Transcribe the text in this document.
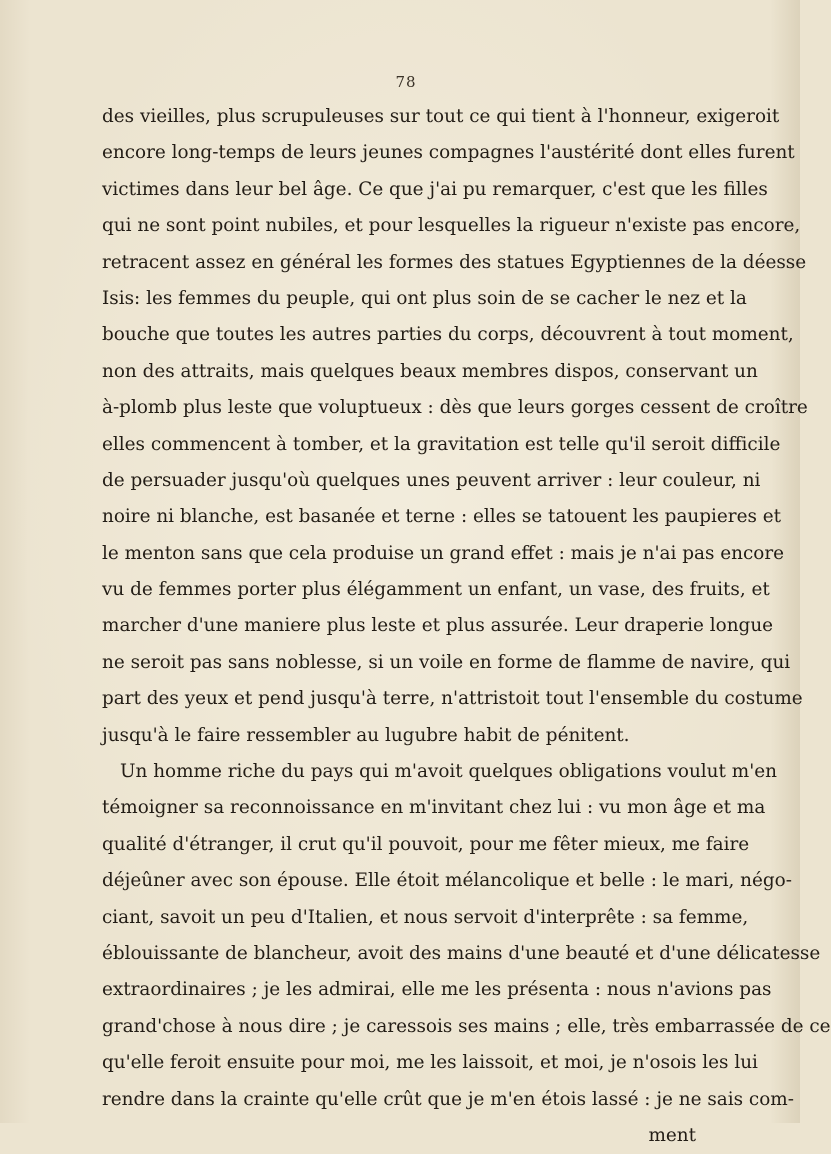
78
des vieilles, plus scrupuleuses sur tout ce qui tient à l'honneur, exigeroit
encore long-temps de leurs jeunes compagnes l'austérité dont elles furent
victimes dans leur bel âge. Ce que j'ai pu remarquer, c'est que les filles
qui ne sont point nubiles, et pour lesquelles la rigueur n'existe pas encore,
retracent assez en général les formes des statues Egyptiennes de la déesse
Isis: les femmes du peuple, qui ont plus soin de se cacher le nez et la
bouche que toutes les autres parties du corps, découvrent à tout moment,
non des attraits, mais quelques beaux membres dispos, conservant un
à-plomb plus leste que voluptueux : dès que leurs gorges cessent de croître
elles commencent à tomber, et la gravitation est telle qu'il seroit difficile
de persuader jusqu'où quelques unes peuvent arriver : leur couleur, ni
noire ni blanche, est basanée et terne : elles se tatouent les paupieres et
le menton sans que cela produise un grand effet : mais je n'ai pas encore
vu de femmes porter plus élégamment un enfant, un vase, des fruits, et
marcher d'une maniere plus leste et plus assurée. Leur draperie longue
ne seroit pas sans noblesse, si un voile en forme de flamme de navire, qui
part des yeux et pend jusqu'à terre, n'attristoit tout l'ensemble du costume
jusqu'à le faire ressembler au lugubre habit de pénitent.
Un homme riche du pays qui m'avoit quelques obligations voulut m'en
témoigner sa reconnoissance en m'invitant chez lui : vu mon âge et ma
qualité d'étranger, il crut qu'il pouvoit, pour me fêter mieux, me faire
déjeûner avec son épouse. Elle étoit mélancolique et belle : le mari, négo-
ciant, savoit un peu d'Italien, et nous servoit d'interprête : sa femme,
éblouissante de blancheur, avoit des mains d'une beauté et d'une délicatesse
extraordinaires ; je les admirai, elle me les présenta : nous n'avions pas
grand'chose à nous dire ; je caressois ses mains ; elle, très embarrassée de ce
qu'elle feroit ensuite pour moi, me les laissoit, et moi, je n'osois les lui
rendre dans la crainte qu'elle crût que je m'en étois lassé : je ne sais com-
ment
